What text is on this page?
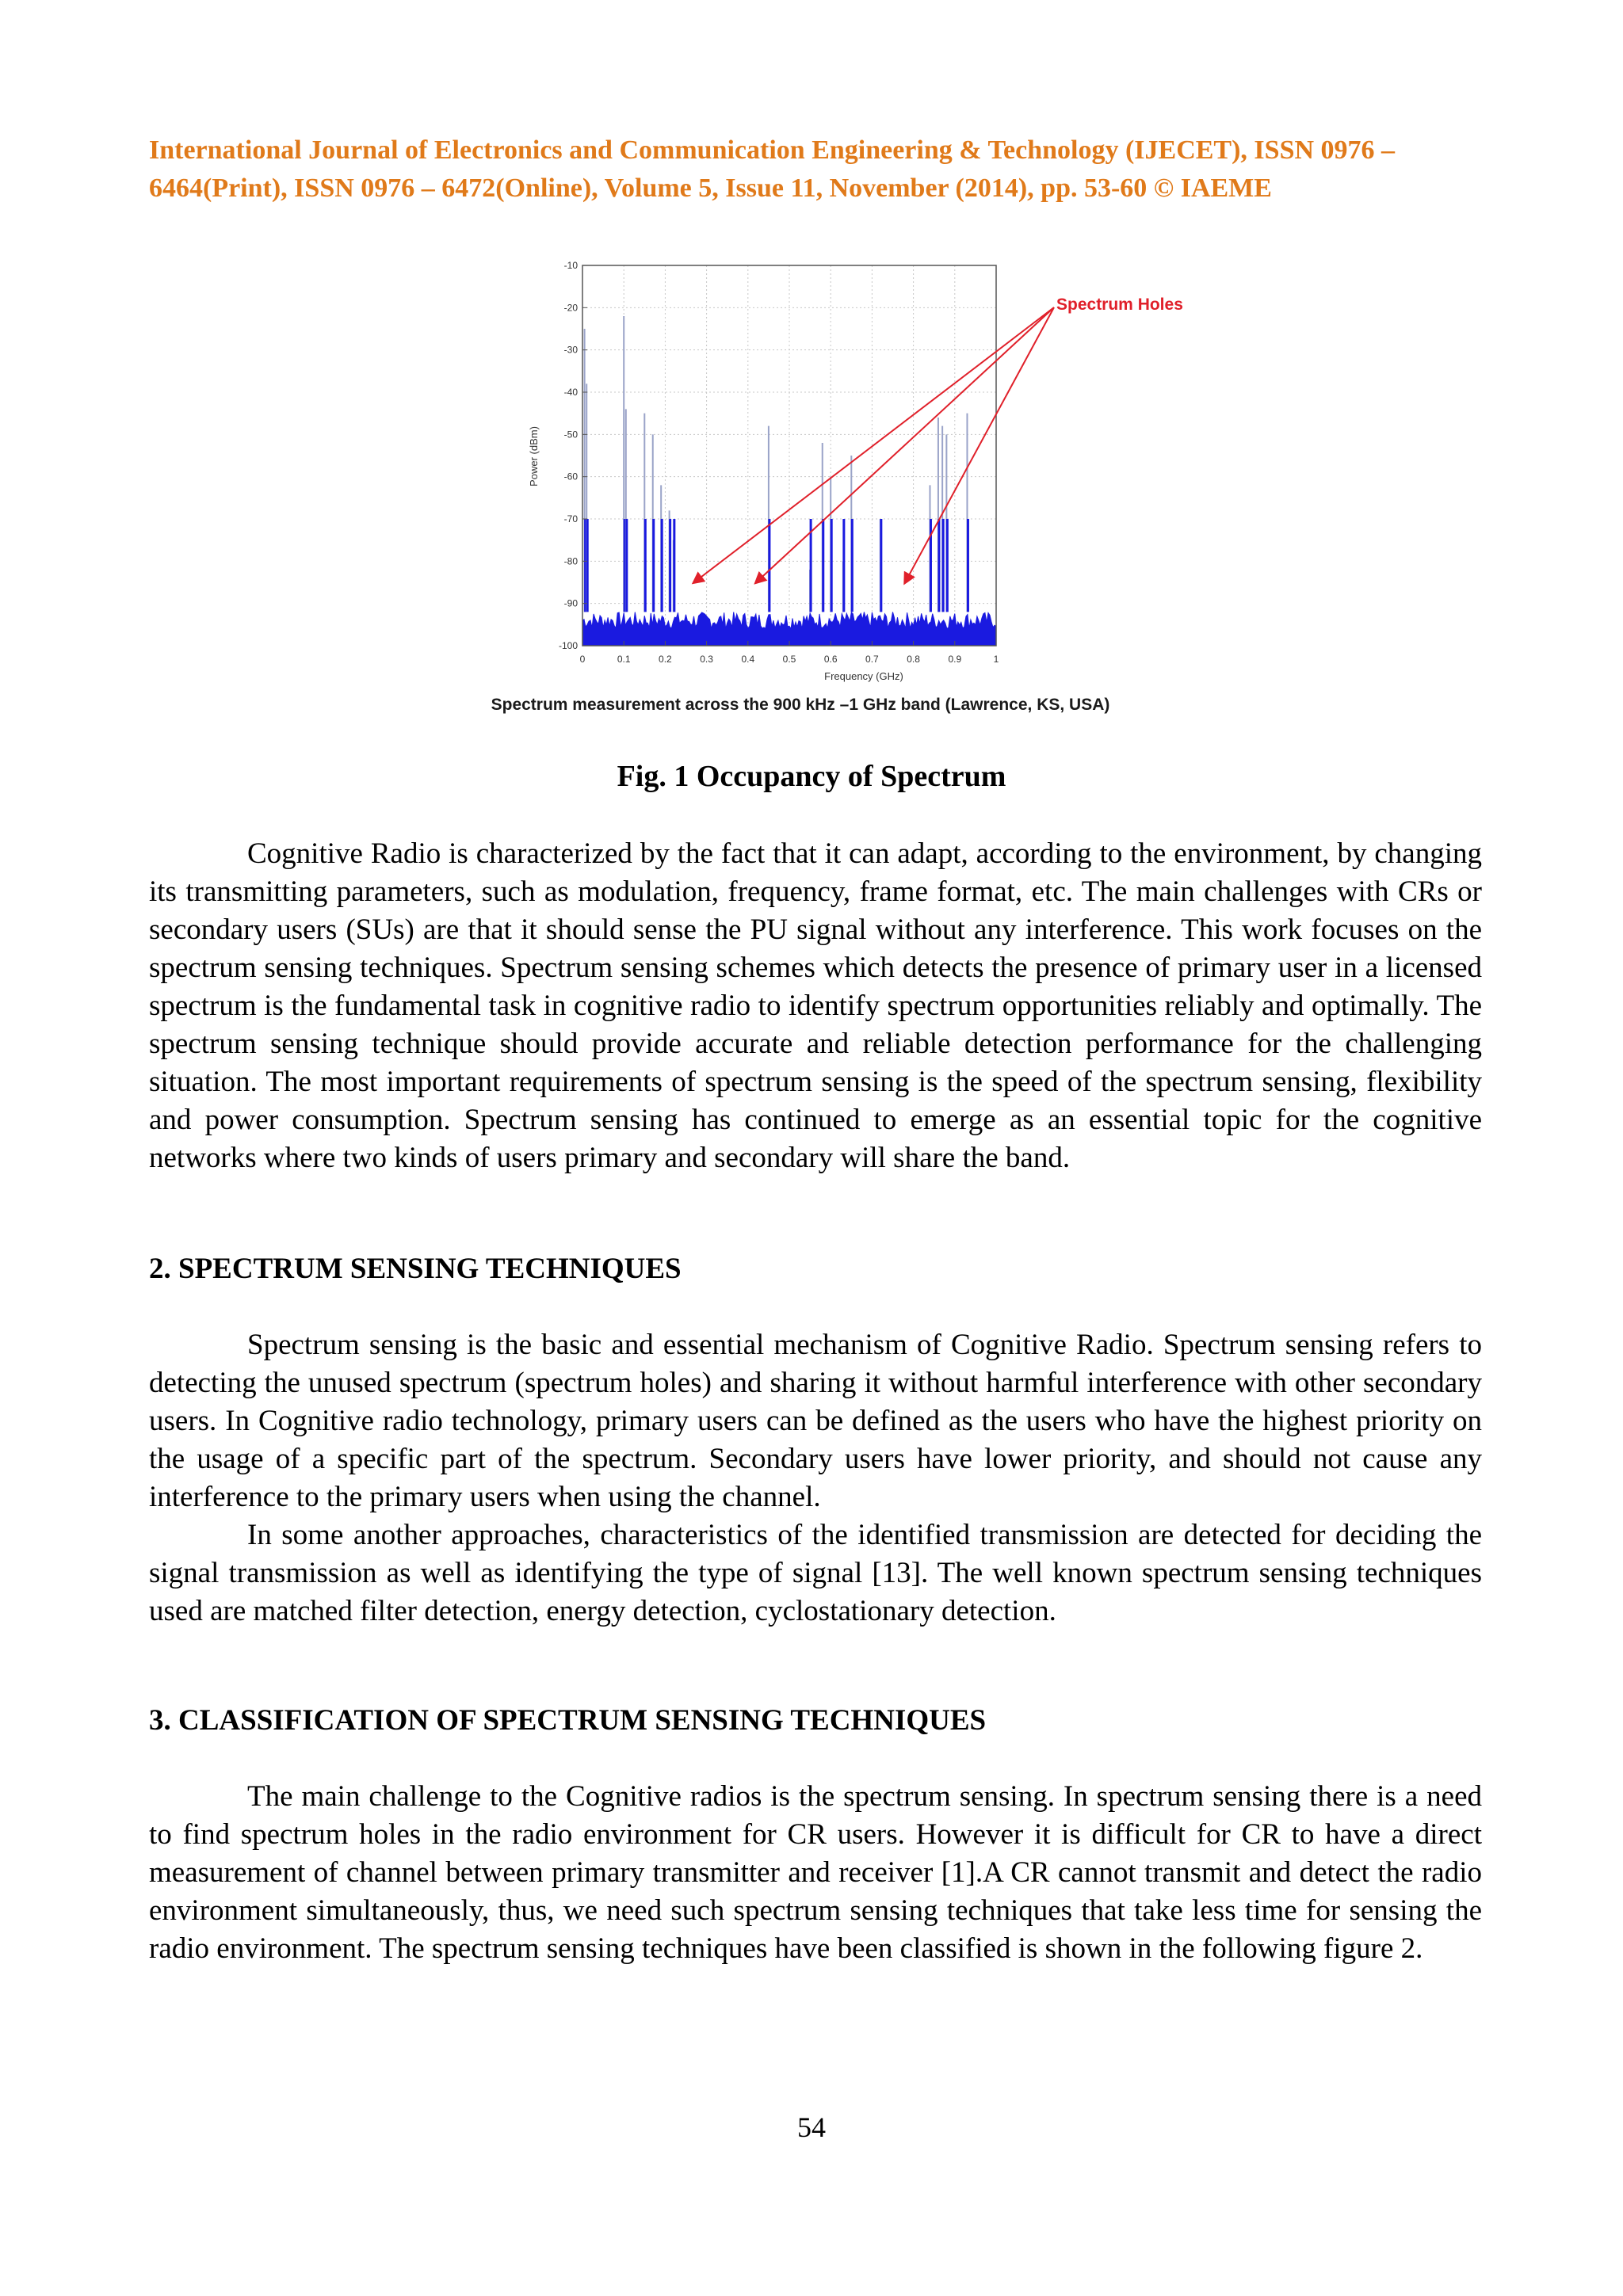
International Journal of Electronics and Communication Engineering & Technology (IJECET), ISSN 0976 –
6464(Print), ISSN 0976 – 6472(Online), Volume 5, Issue 11, November (2014), pp. 53-60 © IAEME
0	0.1	0.2	0.3	0.4	0.5	0.6	0.7	0.8	0.9	1
-10
-20
-30
-40
-50
-60
-70
-80
-90
-100
Frequency (GHz)
Power (dBm)
Spectrum Holes
Spectrum measurement across the 900 kHz –1 GHz band (Lawrence, KS, USA)
Fig. 1 Occupancy of Spectrum

Cognitive Radio is characterized by the fact that it can adapt, according to the environment, by changing its transmitting parameters, such as modulation, frequency, frame format, etc. The main challenges with CRs or secondary users (SUs) are that it should sense the PU signal without any interference. This work focuses on the spectrum sensing techniques. Spectrum sensing schemes which detects the presence of primary user in a licensed spectrum is the fundamental task in cognitive radio to identify spectrum opportunities reliably and optimally. The spectrum sensing technique should provide accurate and reliable detection performance for the challenging situation. The most important requirements of spectrum sensing is the speed of the spectrum sensing, flexibility and power consumption. Spectrum sensing has continued to emerge as an essential topic for the cognitive networks where two kinds of users primary and secondary will share the band.

2. SPECTRUM SENSING TECHNIQUES

Spectrum sensing is the basic and essential mechanism of Cognitive Radio. Spectrum sensing refers to detecting the unused spectrum (spectrum holes) and sharing it without harmful interference with other secondary users. In Cognitive radio technology, primary users can be defined as the users who have the highest priority on the usage of a specific part of the spectrum. Secondary users have lower priority, and should not cause any interference to the primary users when using the channel.

In some another approaches, characteristics of the identified transmission are detected for deciding the signal transmission as well as identifying the type of signal [13]. The well known spectrum sensing techniques used are matched filter detection, energy detection, cyclostationary detection.

3. CLASSIFICATION OF SPECTRUM SENSING TECHNIQUES

The main challenge to the Cognitive radios is the spectrum sensing. In spectrum sensing there is a need to find spectrum holes in the radio environment for CR users. However it is difficult for CR to have a direct measurement of channel between primary transmitter and receiver [1].A CR cannot transmit and detect the radio environment simultaneously, thus, we need such spectrum sensing techniques that take less time for sensing the radio environment. The spectrum sensing techniques have been classified is shown in the following figure 2.

54
